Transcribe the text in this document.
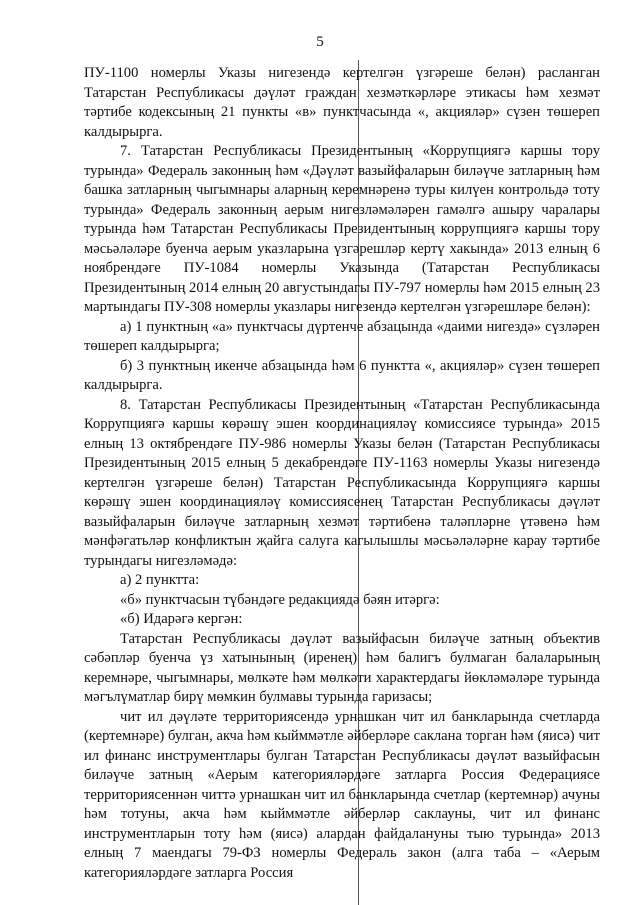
5

ПУ-1100 номерлы Указы нигезендә кертелгән үзгәреше белән) расланган Татарстан Республикасы дәүләт граждан хезмәткәрләре этикасы һәм хезмәт тәртибе кодексының 21 пункты «в» пунктчасында «, акцияләр» сүзен төшереп калдырырга.

7. Татарстан Республикасы Президентының «Коррупциягә каршы тору турында» Федераль законның һәм «Дәүләт вазыйфаларын биләүче затларның һәм башка затларның чыгымнары аларның керемнәренә туры килүен контрольдә тоту турында» Федераль законның аерым нигезләмәләрен гамәлгә ашыру чаралары турында һәм Татарстан Республикасы Президентының коррупциягә каршы тору мәсьәләләре буенча аерым указларына үзгәрешләр кертү хакында» 2013 елның 6 ноябрендәге ПУ-1084 номерлы Указында (Татарстан Республикасы Президентының 2014 елның 20 августындагы ПУ-797 номерлы һәм 2015 елның 23 мартындагы ПУ-308 номерлы указлары нигезендә кертелгән үзгәрешләре белән):

а) 1 пунктның «а» пунктчасы дүртенче абзацында «даими нигездә» сүзләрен төшереп калдырырга;

б) 3 пунктның икенче абзацында һәм 6 пунктта «, акцияләр» сүзен төшереп калдырырга.

8. Татарстан Республикасы Президентының «Татарстан Республикасында Коррупциягә каршы көрәшү эшен координацияләү комиссиясе турында» 2015 елның 13 октябрендәге ПУ-986 номерлы Указы белән (Татарстан Республикасы Президентының 2015 елның 5 декабрендәге ПУ-1163 номерлы Указы нигезендә кертелгән үзгәреше белән) Татарстан Республикасында Коррупциягә каршы көрәшү эшен координацияләү комиссиясенең Татарстан Республикасы дәүләт вазыйфаларын биләүче затларның хезмәт тәртибенә таләпләрне үтәвенә һәм мәнфәгатьләр конфликтын җайга салуга кагылышлы мәсьәләләрне карау тәртибе турындагы нигезләмәдә:

а) 2 пунктта:

«б» пунктчасын түбәндәге редакциядә бәян итәргә:

«б) Идарәгә кергән:

Татарстан Республикасы дәүләт вазыйфасын биләүче затның объектив сәбәпләр буенча үз хатынының (иренең) һәм балигъ булмаган балаларының керемнәре, чыгымнары, мөлкәте һәм мөлкәти характердагы йөкләмәләре турында мәгълүматлар бирү мөмкин булмавы турында гаризасы;

чит ил дәүләте территориясендә урнашкан чит ил банкларында счетларда (кертемнәре) булган, акча һәм кыйммәтле әйберләре саклана торган һәм (яисә) чит ил финанс инструментлары булган Татарстан Республикасы дәүләт вазыйфасын биләүче затның «Аерым категорияләрдәге затларга Россия Федерациясе территориясеннән читтә урнашкан чит ил банкларында счетлар (кертемнәр) ачуны һәм тотуны, акча һәм кыйммәтле әйберләр саклауны, чит ил финанс инструментларын тоту һәм (яисә) алардан файдалануны тыю турында» 2013 елның 7 маендагы 79-ФЗ номерлы Федераль закон (алга таба – «Аерым категорияләрдәге затларга Россия
